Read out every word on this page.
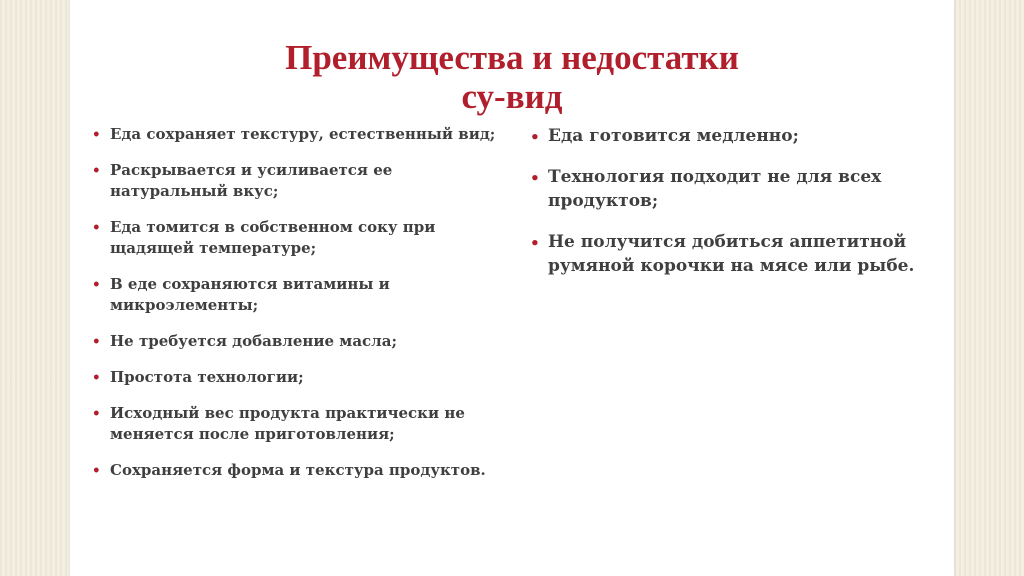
Преимущества и недостатки
су-вид
• Еда сохраняет текстуру, естественный вид;
• Раскрывается и усиливается ее натуральный вкус;
• Еда томится в собственном соку при щадящей температуре;
• В еде сохраняются витамины и микроэлементы;
• Не требуется добавление масла;
• Простота технологии;
• Исходный вес продукта практически не меняется после приготовления;
• Сохраняется форма и текстура продуктов.
• Еда готовится медленно;
• Технология подходит не для всех продуктов;
• Не получится добиться аппетитной румяной корочки на мясе или рыбе.
